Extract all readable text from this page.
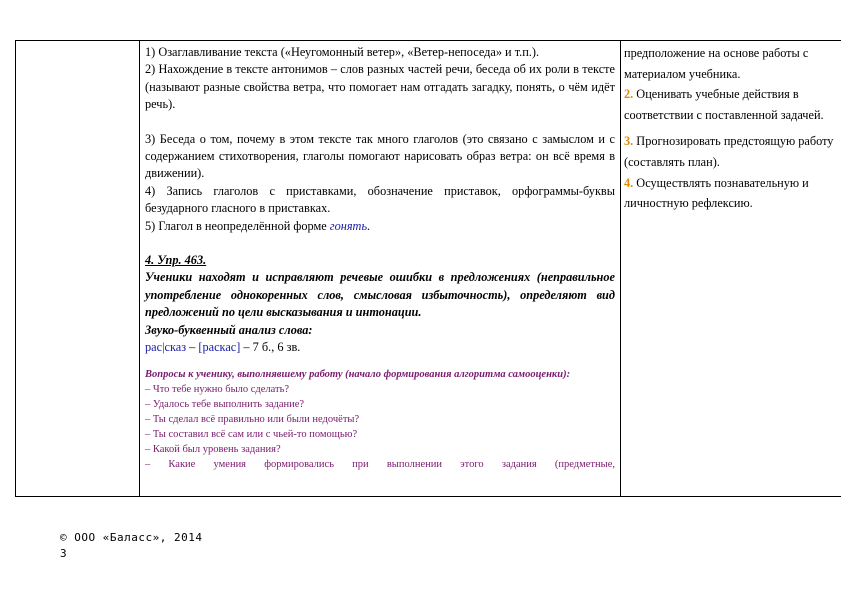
1) Озаглавливание текста («Неугомонный ветер», «Ветер-непоседа» и т.п.).

2) Нахождение в тексте антонимов – слов разных частей речи, беседа об их роли в тексте (называют разные свойства ветра, что помогает нам отгадать загадку, понять, о чём идёт речь).

3) Беседа о том, почему в этом тексте так много глаголов (это связано с замыслом и с содержанием стихотворения, глаголы помогают нарисовать образ ветра: он всё время в движении).

4) Запись глаголов с приставками, обозначение приставок, орфограммы-буквы безударного гласного в приставках.

5) Глагол в неопределённой форме гонять.

4. Упр. 463.

Ученики находят и исправляют речевые ошибки в предложениях (неправильное употребление однокоренных слов, смысловая избыточность), определяют вид предложений по цели высказывания и интонации.

Звуко-буквенный анализ слова:

рас|сказ – [раскас] – 7 б., 6 зв.

Вопросы к ученику, выполнявшему работу (начало формирования алгоритма самооценки):

– Что тебе нужно было сделать?

– Удалось тебе выполнить задание?

– Ты сделал всё правильно или были недочёты?

– Ты составил всё сам или с чьей-то помощью?

– Какой был уровень задания?

– Какие умения формировались при выполнении этого задания (предметные,

предположение на основе работы с материалом учебника.

2. Оценивать учебные действия в соответствии с поставленной задачей.

3. Прогнозировать предстоящую работу (составлять план).

4. Осуществлять познавательную и личностную рефлексию.

© ООО «Баласс», 2014
3
